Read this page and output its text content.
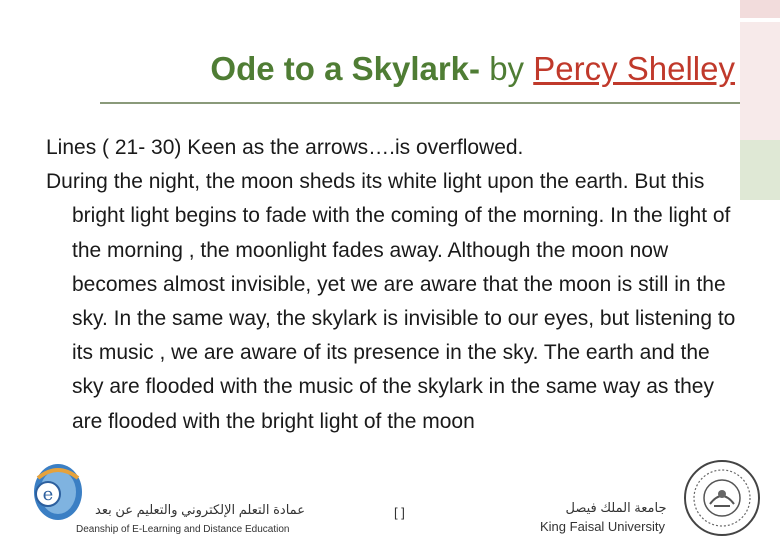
Ode to a Skylark- by Percy Shelley

Lines ( 21- 30) Keen as the arrows….is overflowed.

During the night, the moon sheds its white light upon the earth. But this bright light begins to fade with the coming of the morning. In the light of the morning , the moonlight fades away. Although the moon now becomes almost invisible, yet we are aware that the moon is still in the sky. In the same way, the skylark is invisible to our eyes, but listening to its music , we are aware of its presence in the sky. The earth and the sky are flooded with the music of the skylark in the same way as they are flooded with the bright light of the moon

e
عمادة التعلم الإلكتروني والتعليم عن بعد
Deanship of E-Learning and Distance Education
[ ]	جامعة الملك فيصل
King Faisal University
